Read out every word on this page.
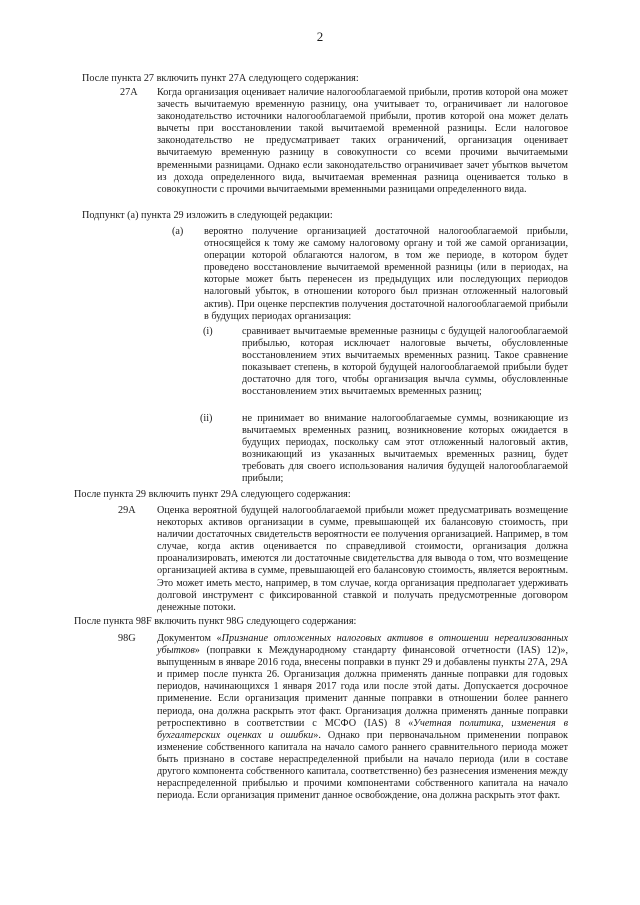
2
После пункта 27 включить пункт 27А следующего содержания:
27A Когда организация оценивает наличие налогооблагаемой прибыли, против которой она может зачесть вычитаемую временную разницу, она учитывает то, ограничивает ли налоговое законодательство источники налогооблагаемой прибыли, против которой она может делать вычеты при восстановлении такой вычитаемой временной разницы. Если налоговое законодательство не предусматривает таких ограничений, организация оценивает вычитаемую временную разницу в совокупности со всеми прочими вычитаемыми временными разницами. Однако если законодательство ограничивает зачет убытков вычетом из дохода определенного вида, вычитаемая временная разница оценивается только в совокупности с прочими вычитаемыми временными разницами определенного вида.
Подпункт (а) пункта 29 изложить в следующей редакции:
(a) вероятно получение организацией достаточной налогооблагаемой прибыли, относящейся к тому же самому налоговому органу и той же самой организации, операции которой облагаются налогом, в том же периоде, в котором будет проведено восстановление вычитаемой временной разницы (или в периодах, на которые может быть перенесен из предыдущих или последующих периодов налоговый убыток, в отношении которого был признан отложенный налоговый актив). При оценке перспектив получения достаточной налогооблагаемой прибыли в будущих периодах организация:
(i)	сравнивает вычитаемые временные разницы с будущей налогооблагаемой прибылью, которая исключает налоговые вычеты, обусловленные восстановлением этих вычитаемых временных разниц. Такое сравнение показывает степень, в которой будущей налогооблагаемой прибыли будет достаточно для того, чтобы организация вычла суммы, обусловленные восстановлением этих вычитаемых временных разниц;
(ii)	не принимает во внимание налогооблагаемые суммы, возникающие из вычитаемых временных разниц, возникновение которых ожидается в будущих периодах, поскольку сам этот отложенный налоговый актив, возникающий из указанных вычитаемых временных разниц, будет требовать для своего использования наличия будущей налогооблагаемой прибыли;
После пункта 29 включить пункт 29А следующего содержания:
29A Оценка вероятной будущей налогооблагаемой прибыли может предусматривать возмещение некоторых активов организации в сумме, превышающей их балансовую стоимость, при наличии достаточных свидетельств вероятности ее получения организацией. Например, в том случае, когда актив оценивается по справедливой стоимости, организация должна проанализировать, имеются ли достаточные свидетельства для вывода о том, что возмещение организацией актива в сумме, превышающей его балансовую стоимость, является вероятным. Это может иметь место, например, в том случае, когда организация предполагает удерживать долговой инструмент с фиксированной ставкой и получать предусмотренные договором денежные потоки.
После пункта 98F включить пункт 98G следующего содержания:
98G Документом «Признание отложенных налоговых активов в отношении нереализованных убытков» (поправки к Международному стандарту финансовой отчетности (IAS) 12)», выпущенным в январе 2016 года, внесены поправки в пункт 29 и добавлены пункты 27А, 29А и пример после пункта 26. Организация должна применять данные поправки для годовых периодов, начинающихся 1 января 2017 года или после этой даты. Допускается досрочное применение. Если организация применит данные поправки в отношении более раннего периода, она должна раскрыть этот факт. Организация должна применять данные поправки ретроспективно в соответствии с МСФО (IAS) 8 «Учетная политика, изменения в бухгалтерских оценках и ошибки». Однако при первоначальном применении поправок изменение собственного капитала на начало самого раннего сравнительного периода может быть признано в составе нераспределенной прибыли на начало периода (или в составе другого компонента собственного капитала, соответственно) без разнесения изменения между нераспределенной прибылью и прочими компонентами собственного капитала на начало периода. Если организация применит данное освобождение, она должна раскрыть этот факт.
